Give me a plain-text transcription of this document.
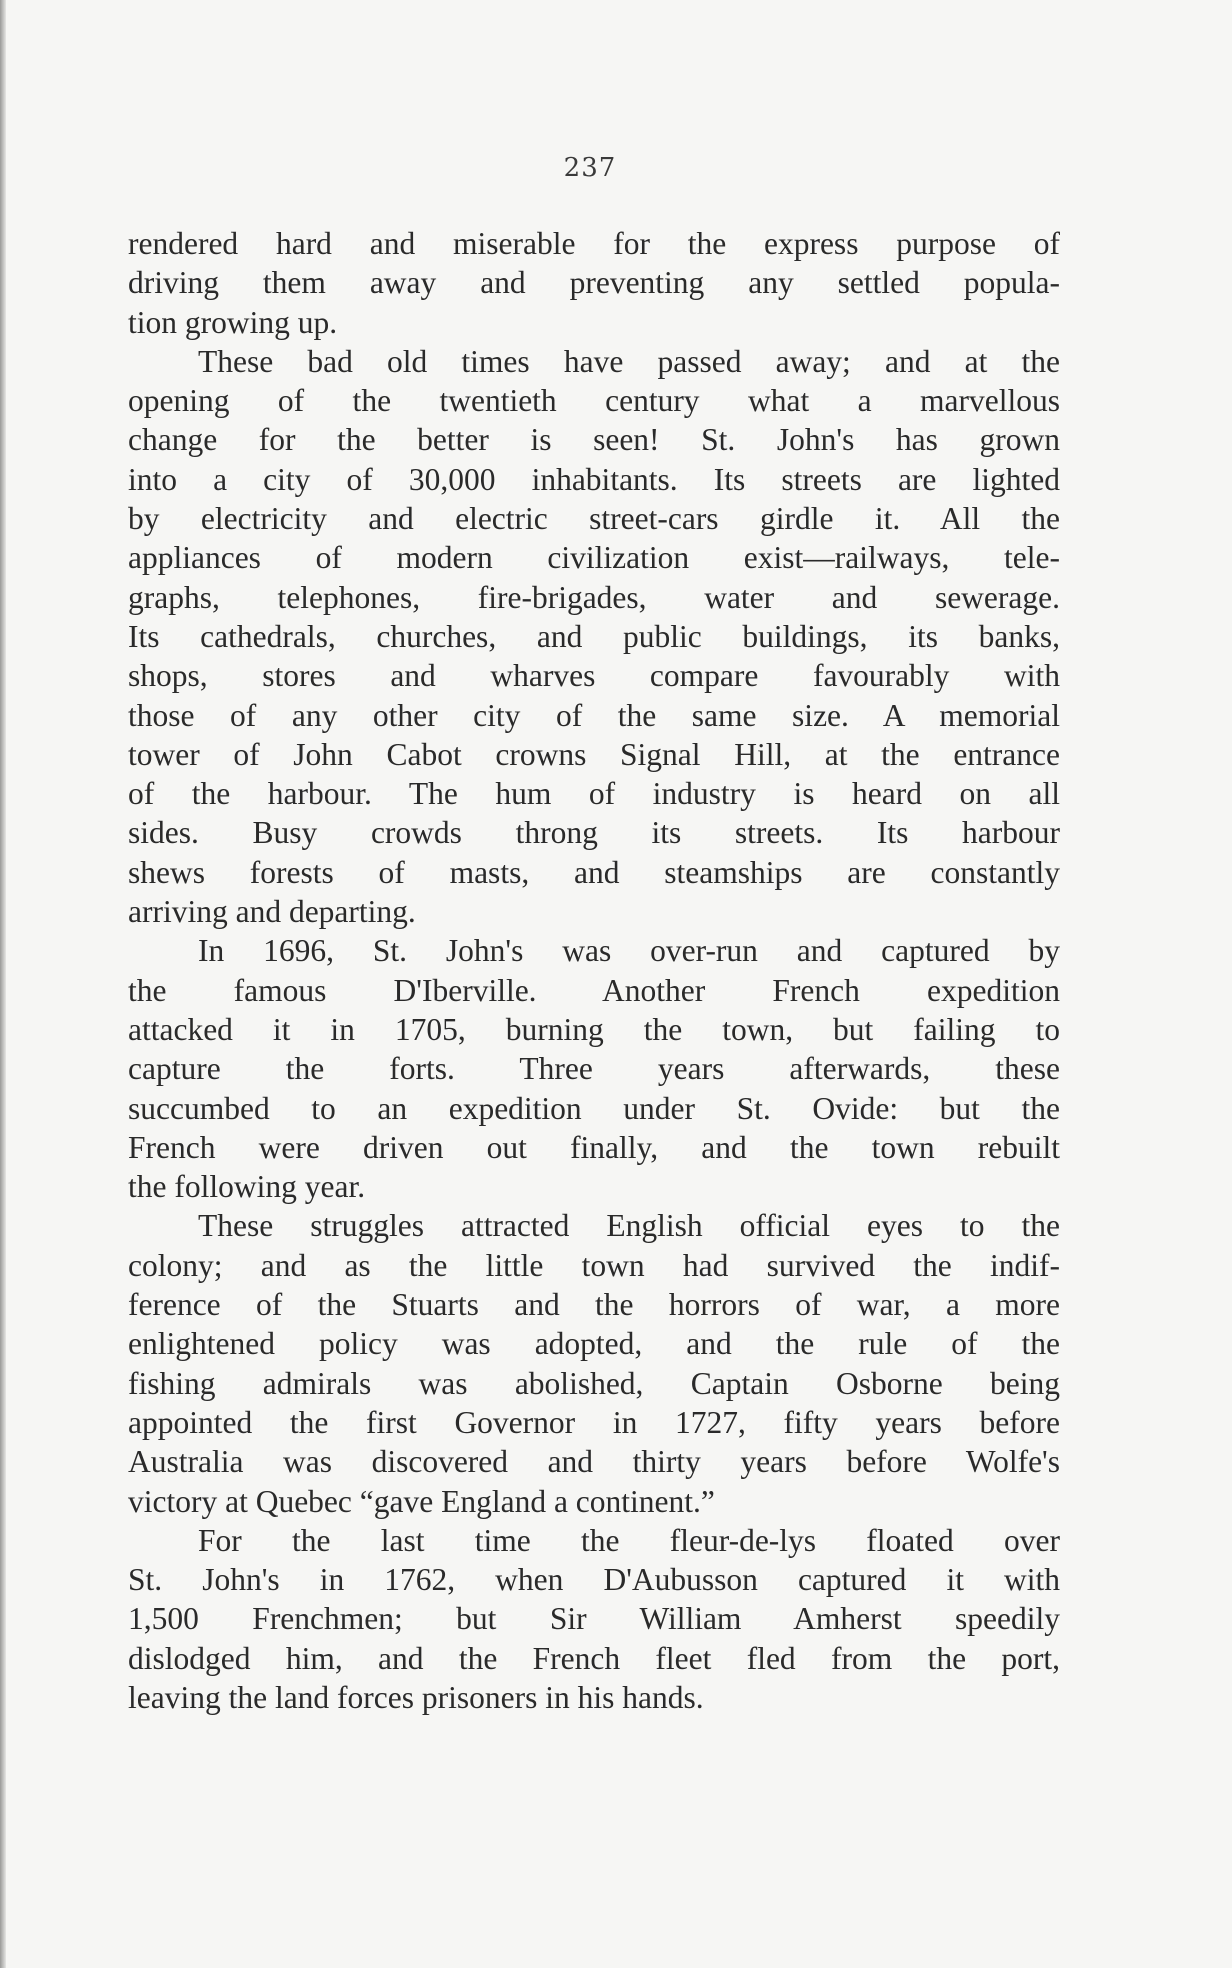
237
rendered hard and miserable for the express purpose of
driving them away and preventing any settled popula-
tion growing up.
These bad old times have passed away; and at the
opening of the twentieth century what a marvellous
change for the better is seen! St. John's has grown
into a city of 30,000 inhabitants. Its streets are lighted
by electricity and electric street-cars girdle it. All the
appliances of modern civilization exist—railways, tele-
graphs, telephones, fire-brigades, water and sewerage.
Its cathedrals, churches, and public buildings, its banks,
shops, stores and wharves compare favourably with
those of any other city of the same size. A memorial
tower of John Cabot crowns Signal Hill, at the entrance
of the harbour. The hum of industry is heard on all
sides. Busy crowds throng its streets. Its harbour
shews forests of masts, and steamships are constantly
arriving and departing.
In 1696, St. John's was over-run and captured by
the famous D'Iberville. Another French expedition
attacked it in 1705, burning the town, but failing to
capture the forts. Three years afterwards, these
succumbed to an expedition under St. Ovide: but the
French were driven out finally, and the town rebuilt
the following year.
These struggles attracted English official eyes to the
colony; and as the little town had survived the indif-
ference of the Stuarts and the horrors of war, a more
enlightened policy was adopted, and the rule of the
fishing admirals was abolished, Captain Osborne being
appointed the first Governor in 1727, fifty years before
Australia was discovered and thirty years before Wolfe's
victory at Quebec “gave England a continent.”
For the last time the fleur-de-lys floated over
St. John's in 1762, when D'Aubusson captured it with
1,500 Frenchmen; but Sir William Amherst speedily
dislodged him, and the French fleet fled from the port,
leaving the land forces prisoners in his hands.
